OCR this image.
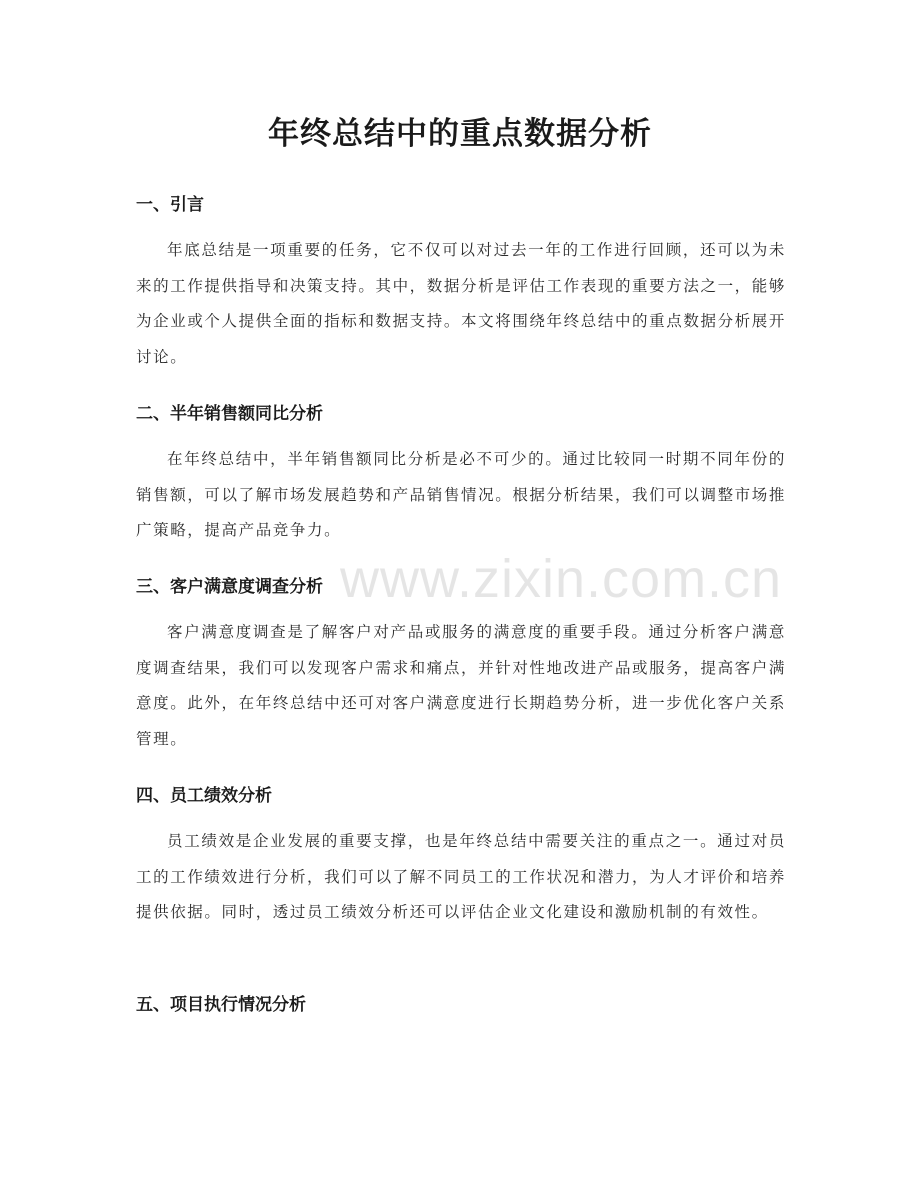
年终总结中的重点数据分析
一、引言

年底总结是一项重要的任务，它不仅可以对过去一年的工作进行回顾，还可以为未来的工作提供指导和决策支持。其中，数据分析是评估工作表现的重要方法之一，能够为企业或个人提供全面的指标和数据支持。本文将围绕年终总结中的重点数据分析展开讨论。

二、半年销售额同比分析

在年终总结中，半年销售额同比分析是必不可少的。通过比较同一时期不同年份的销售额，可以了解市场发展趋势和产品销售情况。根据分析结果，我们可以调整市场推广策略，提高产品竞争力。

三、客户满意度调查分析

客户满意度调查是了解客户对产品或服务的满意度的重要手段。通过分析客户满意度调查结果，我们可以发现客户需求和痛点，并针对性地改进产品或服务，提高客户满意度。此外，在年终总结中还可对客户满意度进行长期趋势分析，进一步优化客户关系管理。

四、员工绩效分析

员工绩效是企业发展的重要支撑，也是年终总结中需要关注的重点之一。通过对员工的工作绩效进行分析，我们可以了解不同员工的工作状况和潜力，为人才评价和培养提供依据。同时，透过员工绩效分析还可以评估企业文化建设和激励机制的有效性。

五、项目执行情况分析
www.zixin.com.cn
